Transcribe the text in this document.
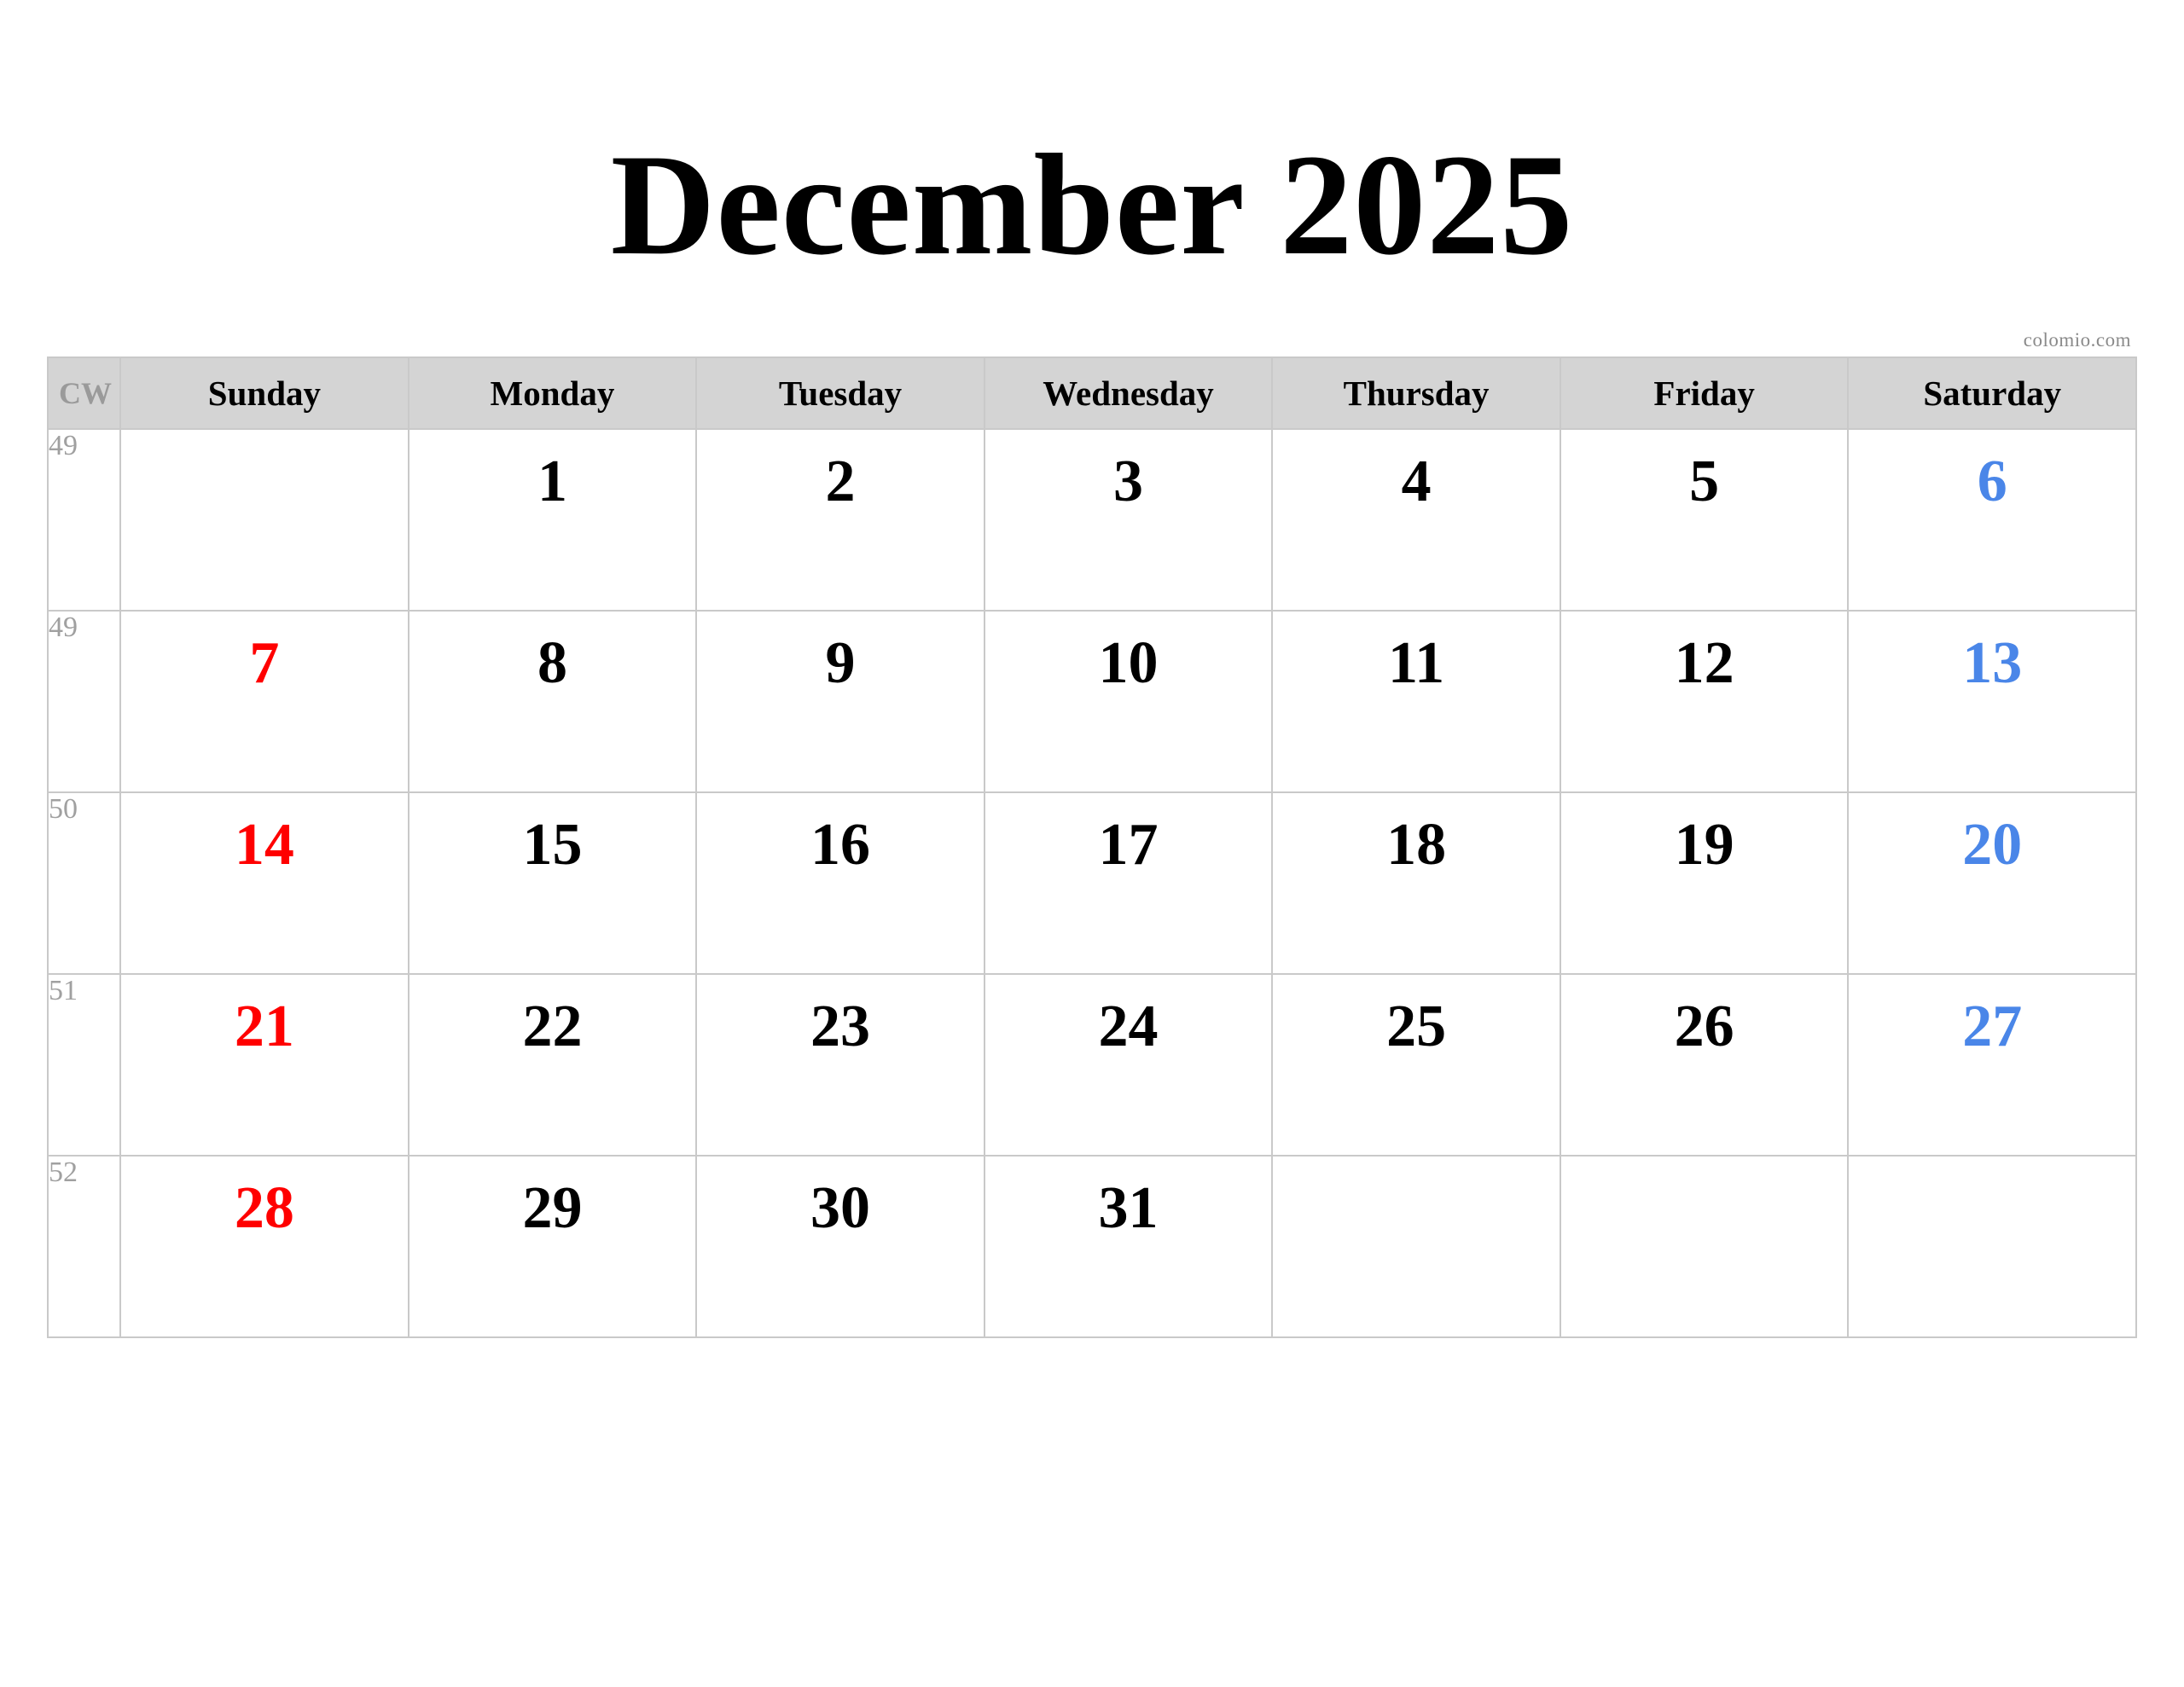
December 2025
colomio.com
CW	Sunday	Monday	Tuesday	Wednesday	Thursday	Friday	Saturday
49		1	2	3	4	5	6

49	7	8	9	10	11	12	13

50	14	15	16	17	18	19	20

51	21	22	23	24	25	26	27

52	28	29	30	31			
